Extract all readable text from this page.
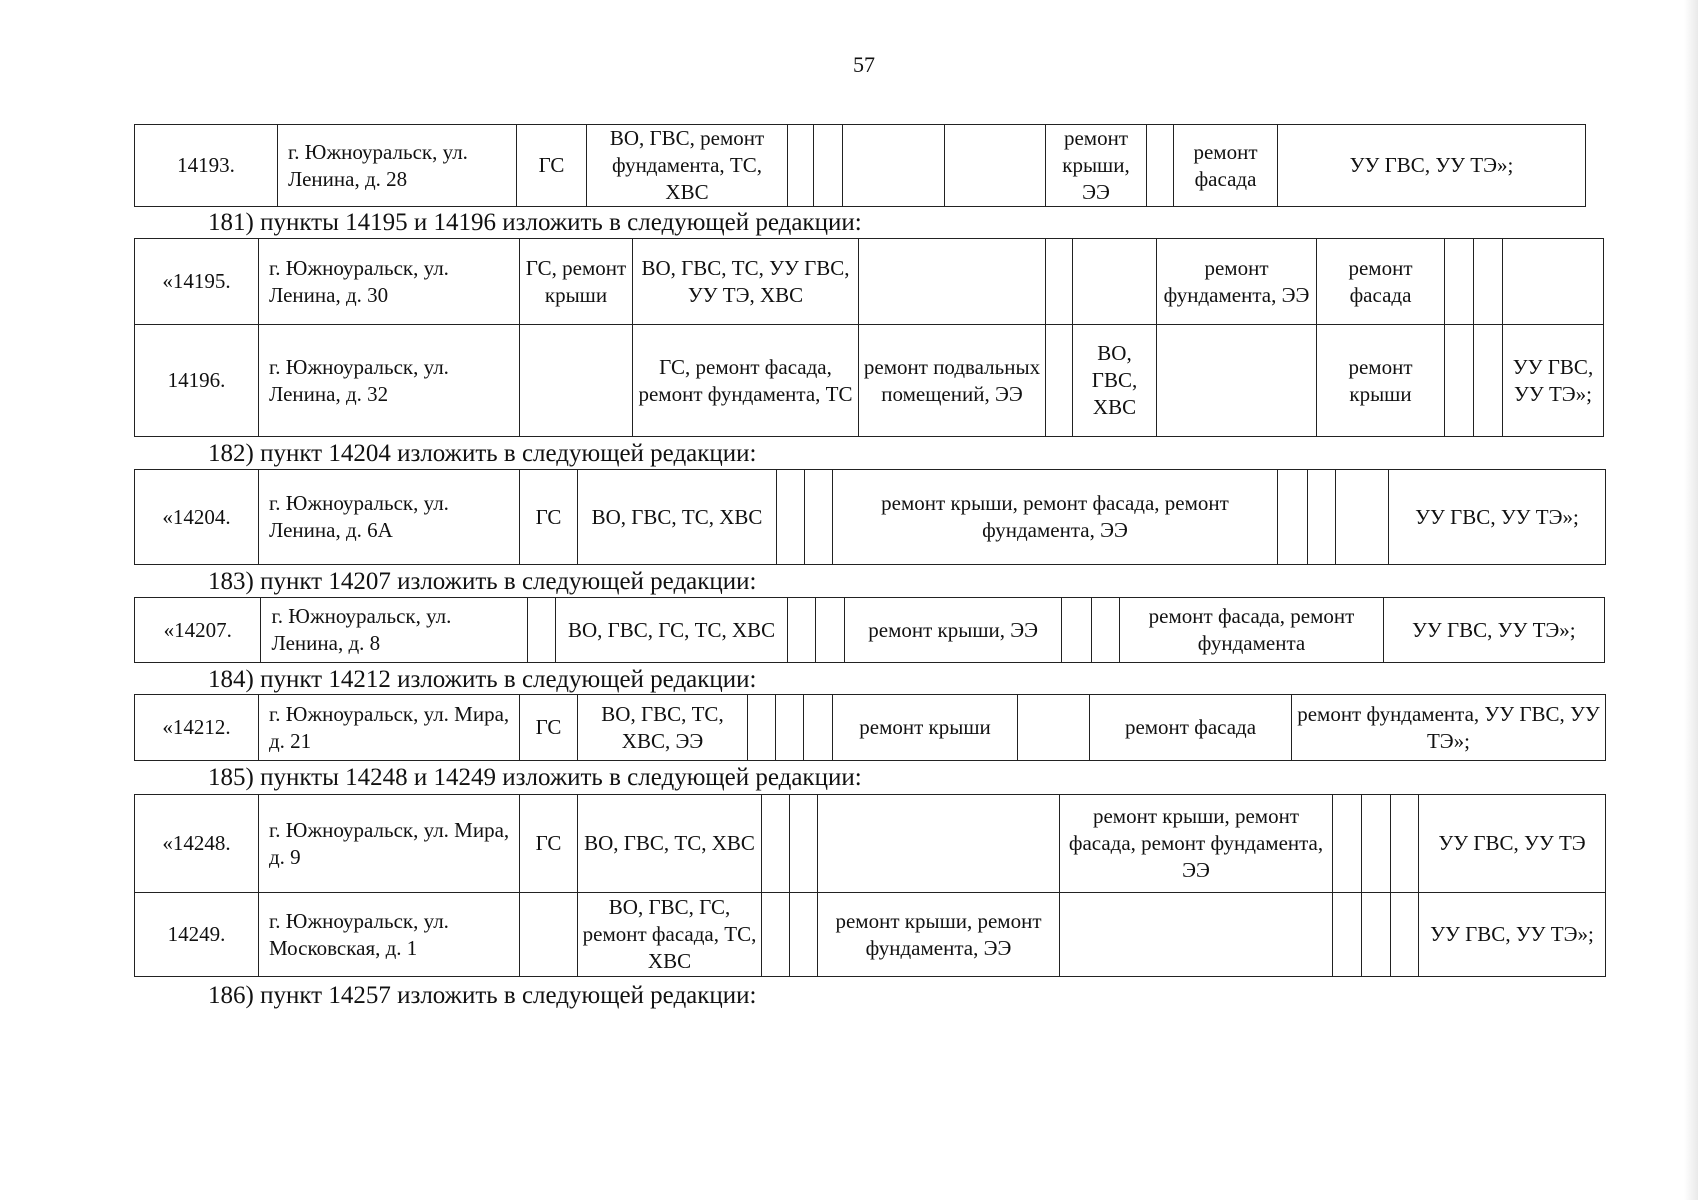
57
14193.	г. Южноуральск, ул. Ленина, д. 28	ГС	ВО, ГВС, ремонт фундамента, ТС, ХВС					ремонт крыши, ЭЭ		ремонт фасада	УУ ГВС, УУ ТЭ»;
181) пункты 14195 и 14196 изложить в следующей редакции:
«14195.	г. Южноуральск, ул. Ленина, д. 30	ГС, ремонт крыши	ВО, ГВС, ТС, УУ ГВС, УУ ТЭ, ХВС				ремонт фундамента, ЭЭ	ремонт фасада			
14196.	г. Южноуральск, ул. Ленина, д. 32		ГС, ремонт фасада, ремонт фундамента, ТС	ремонт подвальных помещений, ЭЭ		ВО, ГВС, ХВС		ремонт крыши			УУ ГВС, УУ ТЭ»;
182) пункт 14204 изложить в следующей редакции:
«14204.	г. Южноуральск, ул. Ленина, д. 6А	ГС	ВО, ГВС, ТС, ХВС			ремонт крыши, ремонт фасада, ремонт фундамента, ЭЭ				УУ ГВС, УУ ТЭ»;
183) пункт 14207 изложить в следующей редакции:
«14207.	г. Южноуральск, ул. Ленина, д. 8		ВО, ГВС, ГС, ТС, ХВС			ремонт крыши, ЭЭ			ремонт фасада, ремонт фундамента	УУ ГВС, УУ ТЭ»;
184) пункт 14212 изложить в следующей редакции:
«14212.	г. Южноуральск, ул. Мира, д. 21	ГС	ВО, ГВС, ТС, ХВС, ЭЭ				ремонт крыши		ремонт фасада	ремонт фундамента, УУ ГВС, УУ ТЭ»;
185) пункты 14248 и 14249 изложить в следующей редакции:
«14248.	г. Южноуральск, ул. Мира, д. 9	ГС	ВО, ГВС, ТС, ХВС				ремонт крыши, ремонт фасада, ремонт фундамента, ЭЭ				УУ ГВС, УУ ТЭ
14249.	г. Южноуральск, ул. Московская, д. 1		ВО, ГВС, ГС, ремонт фасада, ТС, ХВС			ремонт крыши, ремонт фундамента, ЭЭ					УУ ГВС, УУ ТЭ»;
186) пункт 14257 изложить в следующей редакции:
